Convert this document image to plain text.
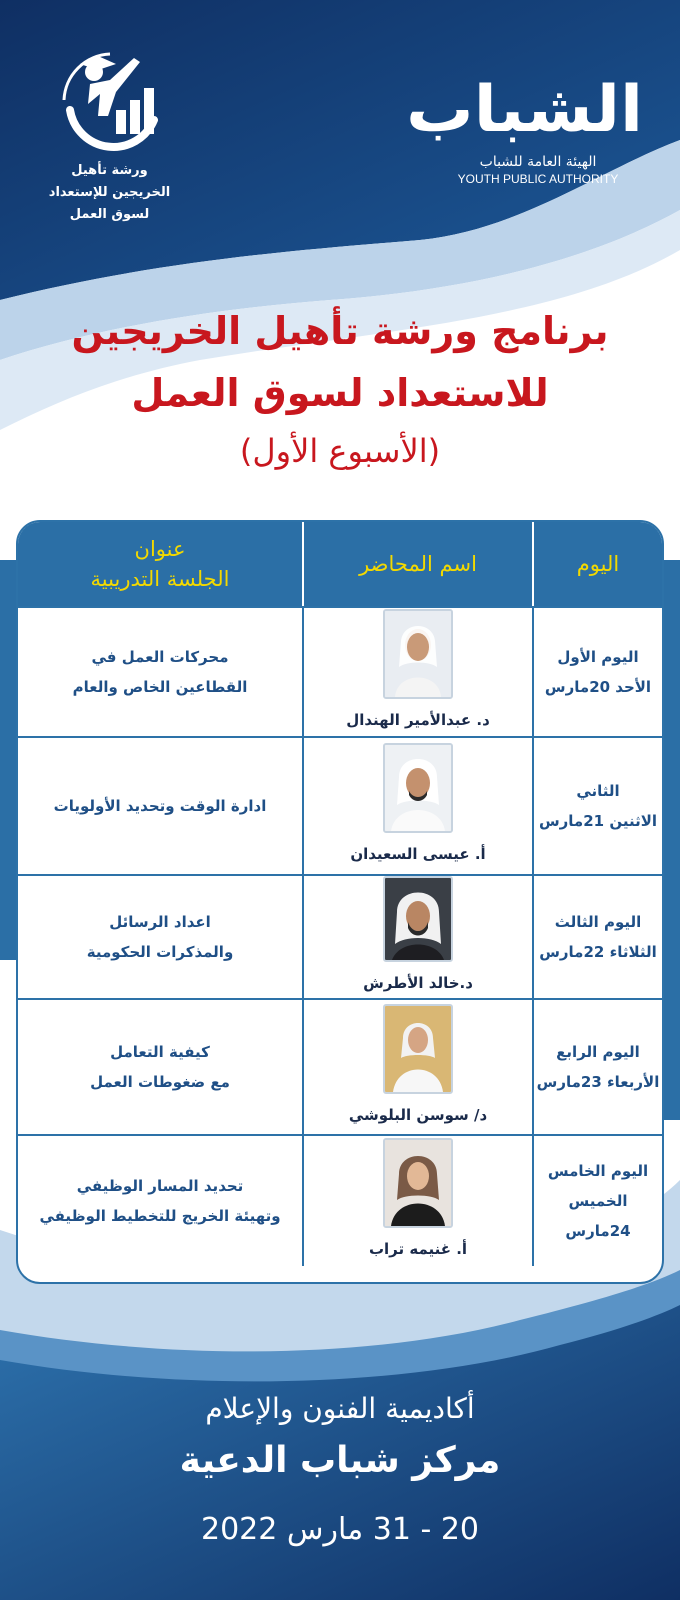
الشباب
الهيئة العامة للشباب
YOUTH PUBLIC AUTHORITY
ورشة تأهيل
الخريجين للإستعداد
لسوق العمل
برنامج ورشة تأهيل الخريجين
للاستعداد لسوق العمل
(الأسبوع الأول)
اليوم
اسم المحاضر
عنوان
الجلسة التدريبية
اليوم الأول
الأحد 20مارس
د. عبدالأمير الهندال
محركات العمل في
القطاعين الخاص والعام
الثاني
الاثنين 21مارس
أ. عيسى السعيدان
ادارة الوقت وتحديد الأولويات
اليوم الثالث
الثلاثاء 22مارس
د.خالد الأطرش
اعداد الرسائل
والمذكرات الحكومية
اليوم الرابع
الأربعاء 23مارس
د/ سوسن البلوشي
كيفية التعامل
مع ضغوطات العمل
اليوم الخامس
الخميس 24مارس
أ. غنيمه تراب
تحديد المسار الوظيفي
وتهيئة الخريج للتخطيط الوظيفي
أكاديمية الفنون والإعلام
مركز شباب الدعية
20 - 31 مارس 2022
